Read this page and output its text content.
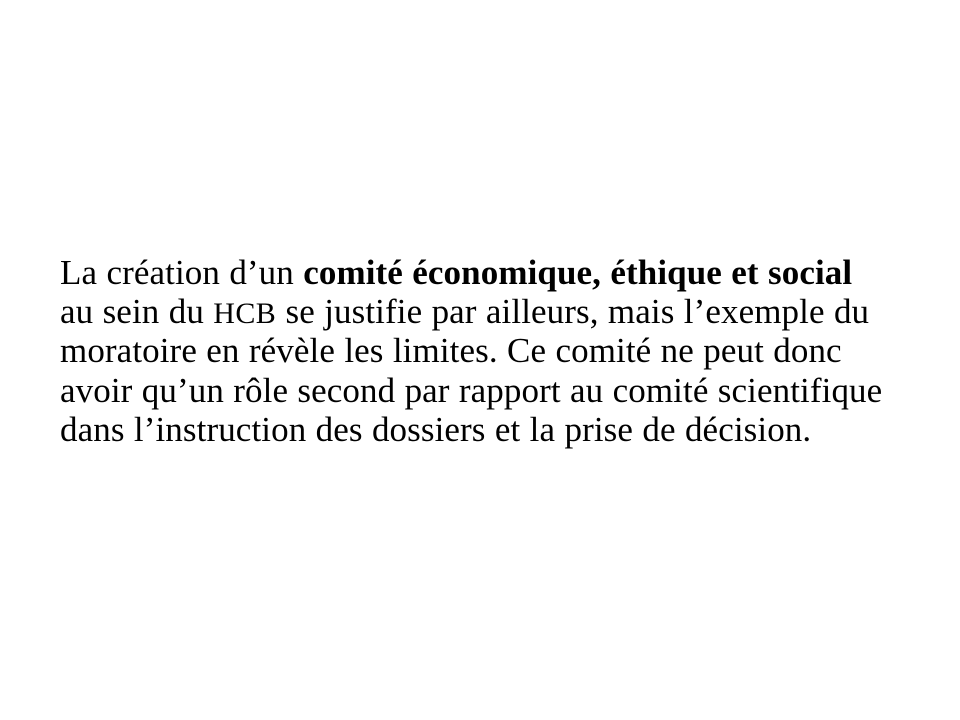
La création d’un comité économique, éthique et social au sein du HCB se justifie par ailleurs, mais l’exemple du moratoire en révèle les limites. Ce comité ne peut donc avoir qu’un rôle second par rapport au comité scientifique dans l’instruction des dossiers et la prise de décision.
